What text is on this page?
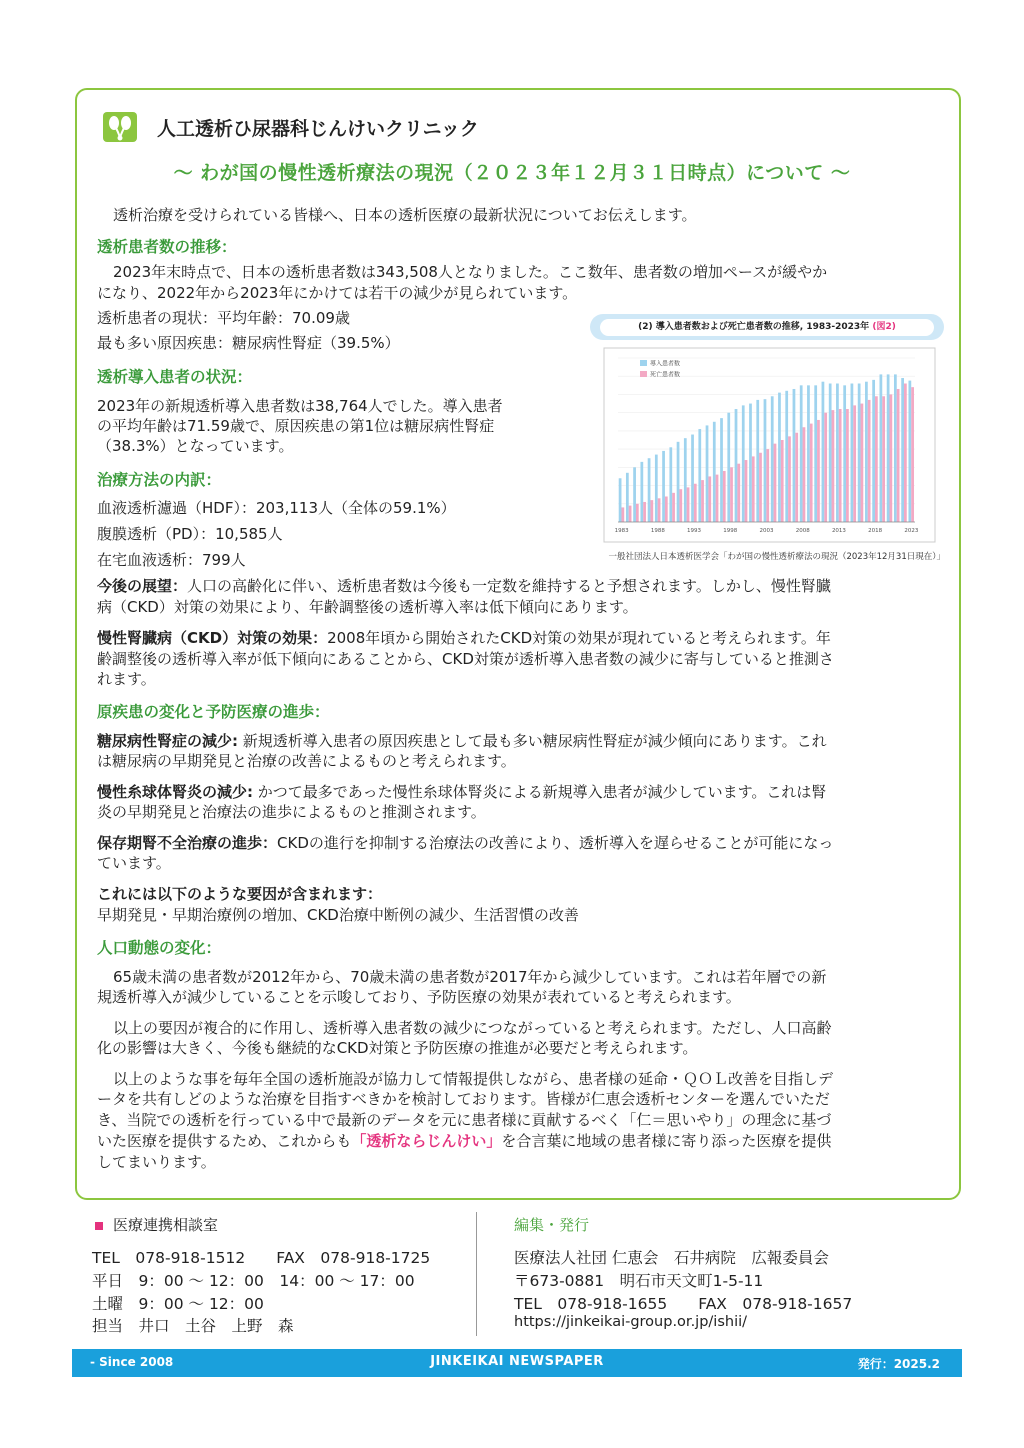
人工透析ひ尿器科じんけいクリニック
～ わが国の慢性透析療法の現況（２０２３年１２月３１日時点）について ～

透析治療を受けられている皆様へ、日本の透析医療の最新状況についてお伝えします。

透析患者数の推移：

2023年末時点で、日本の透析患者数は343,508人となりました。ここ数年、患者数の増加ペースが緩やか

になり、2022年から2023年にかけては若干の減少が見られています。

透析患者の現状：平均年齢：70.09歳

最も多い原因疾患：糖尿病性腎症（39.5%）

透析導入患者の状況：

2023年の新規透析導入患者数は38,764人でした。導入患者

の平均年齢は71.59歳で、原因疾患の第1位は糖尿病性腎症

（38.3%）となっています。

治療方法の内訳：

血液透析濾過（HDF）：203,113人（全体の59.1%）

腹膜透析（PD）：10,585人

在宅血液透析：799人

今後の展望：人口の高齢化に伴い、透析患者数は今後も一定数を維持すると予想されます。しかし、慢性腎臓

病（CKD）対策の効果により、年齢調整後の透析導入率は低下傾向にあります。

慢性腎臓病（CKD）対策の効果：2008年頃から開始されたCKD対策の効果が現れていると考えられます。年

齢調整後の透析導入率が低下傾向にあることから、CKD対策が透析導入患者数の減少に寄与していると推測さ

れます。

原疾患の変化と予防医療の進歩：

糖尿病性腎症の減少: 新規透析導入患者の原因疾患として最も多い糖尿病性腎症が減少傾向にあります。これ

は糖尿病の早期発見と治療の改善によるものと考えられます。

慢性糸球体腎炎の減少: かつて最多であった慢性糸球体腎炎による新規導入患者が減少しています。これは腎

炎の早期発見と治療法の進歩によるものと推測されます。

保存期腎不全治療の進歩：CKDの進行を抑制する治療法の改善により、透析導入を遅らせることが可能になっ

ています。

これには以下のような要因が含まれます：

早期発見・早期治療例の増加、CKD治療中断例の減少、生活習慣の改善

人口動態の変化：

65歳未満の患者数が2012年から、70歳未満の患者数が2017年から減少しています。これは若年層での新

規透析導入が減少していることを示唆しており、予防医療の効果が表れていると考えられます。

以上の要因が複合的に作用し、透析導入患者数の減少につながっていると考えられます。ただし、人口高齢

化の影響は大きく、今後も継続的なCKD対策と予防医療の推進が必要だと考えられます。

以上のような事を毎年全国の透析施設が協力して情報提供しながら、患者様の延命・ＱＯＬ改善を目指しデ

ータを共有しどのような治療を目指すべきかを検討しております。皆様が仁恵会透析センターを選んでいただ

き、当院での透析を行っている中で最新のデータを元に患者様に貢献するべく「仁＝思いやり」の理念に基づ

いた医療を提供するため、これからも「透析ならじんけい」を合言葉に地域の患者様に寄り添った医療を提供

してまいります。

(2) 導入患者数および死亡患者数の推移, 1983-2023年 (図2)
1983	1988	1993	1998	2003	2008	2013	2018	2023
導入患者数
死亡患者数
一般社団法人日本透析医学会「わが国の慢性透析療法の現況（2023年12月31日現在）」
医療連携相談室
TEL　078-918-1512　　FAX　078-918-1725
平日　9：00 ～ 12：00　14：00 ～ 17：00
土曜　9：00 ～ 12：00
担当　井口　土谷　上野　森
編集・発行
医療法人社団 仁恵会　石井病院　広報委員会
〒673-0881　明石市天文町1-5-11
TEL　078-918-1655　　FAX　078-918-1657
https://jinkeikai-group.or.jp/ishii/
- Since 2008	JINKEIKAI NEWSPAPER	発行：2025.2
